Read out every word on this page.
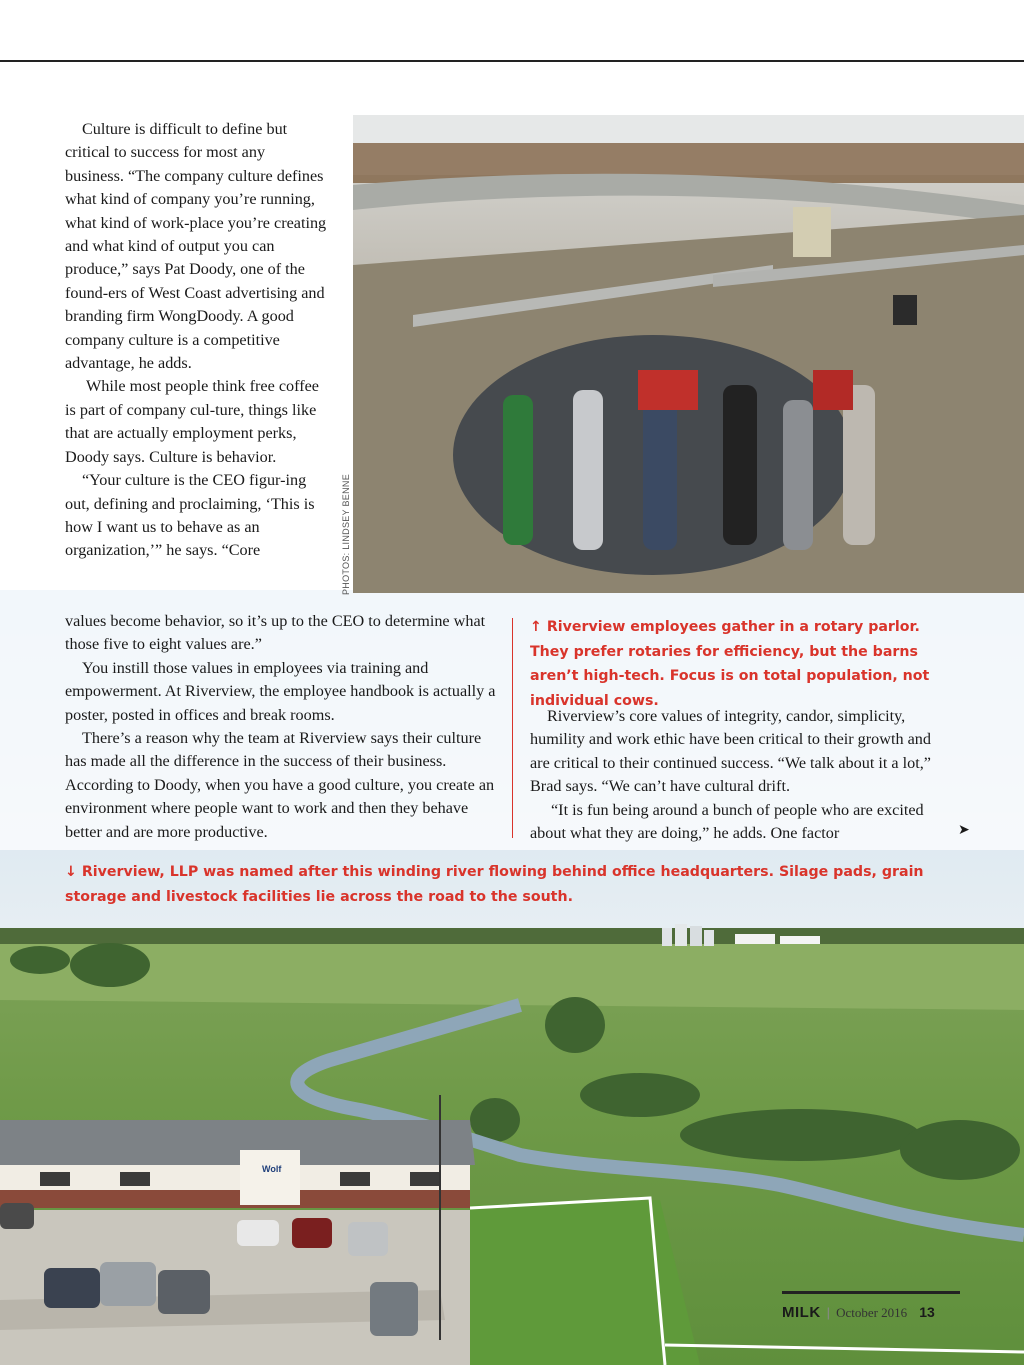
Wolf
PHOTOS: LINDSEY BENNE

Culture is difficult to define but critical to success for most any business. “The company culture defines what kind of company you’re running, what kind of work-place you’re creating and what kind of output you can produce,” says Pat Doody, one of the found-ers of West Coast advertising and branding firm WongDoody. A good company culture is a competitive advantage, he adds.

While most people think free coffee is part of company cul-ture, things like that are actually employment perks, Doody says. Culture is behavior.

“Your culture is the CEO figur-ing out, defining and proclaiming, ‘This is how I want us to behave as an organization,’” he says. “Core

values become behavior, so it’s up to the CEO to determine what those five to eight values are.”

You instill those values in employees via training and empowerment. At Riverview, the employee handbook is actually a poster, posted in offices and break rooms.

There’s a reason why the team at Riverview says their culture has made all the difference in the success of their business. According to Doody, when you have a good culture, you create an environment where people want to work and then they behave better and are more productive.

↑ Riverview employees gather in a rotary parlor. They prefer rotaries for efficiency, but the barns aren’t high-tech. Focus is on total population, not individual cows.

Riverview’s core values of integrity, candor, simplicity, humility and work ethic have been critical to their growth and are critical to their continued success. “We talk about it a lot,” Brad says. “We can’t have cultural drift.

“It is fun being around a bunch of people who are excited about what they are doing,” he adds. One factor	➤
↓ Riverview, LLP was named after this winding river flowing behind office headquarters. Silage pads, grain storage and livestock facilities lie across the road to the south.
MILK | October 2016 13
